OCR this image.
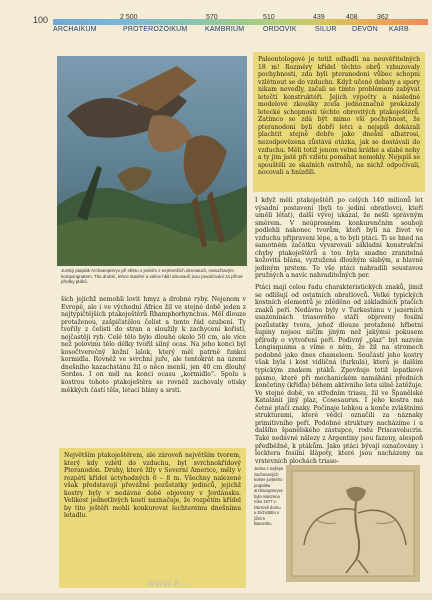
100	2 500	570	510	439	408	362
ARCHAIKUM	PROTEROZOIKUM	KAMBRIUM	ORDOVIK	SILUR DEVON KARB
Jurský ptapták Archaeopteryx při střetu s jedním z nejmenších dinosaurů, masožravým kompsognatem. Tito drobní, lehce stavění a velice hbití dinosauři jsou považováni za přímé předky ptáků.

ších jejichž nemohli lovit hmyz a drobné ryby. Nejenom v Evropě, ale i ve východní Africe žil ve stejné době jeden z nejtypičtějších ptakoještěrů Rhamphorhynchus. Měl dlouze protaženou, zašpičatělou čelist a tento řád ozubení. Ty tvořily z čelisti do stran a sloužily k zachycení kořisti, nejčastěji ryb. Celé tělo bylo dlouhé okolo 50 cm, ale více než polovinu tělo délky tvořil silný ocas. Na jeho konci byl kosočtverečný kožní lalok, který měl patrně funkci kormidla. Rovněž ve svrchní juře, ale tentokrát na území dnešního kazachstánu žil o něco menší, jen 40 cm dlouhý Sordes. I on měl na konci ocasu „kormidlo“. Spolu s kostrou tohoto ptakoještěra se rovněž zachovaly otisky měkkých částí těla, létací blány a srsti.

Největším ptakoještěrem, ale zároveň největším tvorem, který kdy vzlétl do vzduchu, byl svrchnokřídový Pteranodon. Druhy, které žily v Severní Americe, měly v rozpětí křídel úctyhodných 6 – 8 m. Všechny nalezené však představují převážně pozůstatky jedinců, jejichž kostry byly v nedávné době objeveny v Jordánsku. Velikost jednotlivých kostí naznačuje, že rozpětím křídel by tito ještěři mohli konkurovat lechterému dnešnímu letadlu.
Paleontologové je totiž odhadli na neuvěřitelných 18 m! Rozměry křídel těchto obrů vzbuzovaly pochybnosti, zda byli pteranodoni vůbec schopni vzlétnout se do vzduchu. Když učené debaty a spory nikam nevedly, začali se tímto problémem zabývat letečtí konstruktéři. Jejich výpočty a následné modelové zkoušky zcela jednoznačně prokázaly letecké schopnosti těchto obrovitých ptakoještěrů. Zatímco se zdá být mimo vši pochybnost, že pteranodoni byli dobří letci a nejspíš dokázali plachtit stejně dobře jako dnešní albatrosi, nezodpovězena zůstává otázka, jak se dostávali do vzduchu. Měli totiž jenom velmi krátké a slabé nohy a ty jim jistě při vzletu pomáhat nemohly. Nejspíš se spouštěli ze skalních ostrohů, na nichž odpočívali, nocovali a hnízdili.

I když měli ptakoještěři po celých 140 milionů let výsadní postavení (byli to jediní obratlovci, kteří uměli létat), další vývoj ukázal, že nešli správným směrem. V neúprosném konkurenčním souboji podlehli nakonec tvorům, kteří byli na život ve vzduchu připraveni lépe, a to byli ptáci. Ti se hned na samotném začátku vyvarovali základní konstrukční chyby ptakoještěrů a tou byla snadno zranitelná kožovitá blána, vyztužená dlouhým slabým, a hlavně jediným prstem. To vše ptáci nahradili soustavou pružných a navíc nahraditelných per.

Ptáci mají celou řadu charakteristických znaků, jimiž se odlišují od ostatních obratlovců. Velké typických kostních elementů je zděděno od základních ptačích znaků peří. Nedávno byly v Turkestánu v jezerních usazeninách triasového stáří objeveny fosilní pozůstatky tvora, jehož dlouze protažené hřbetní šupiny nejsou ničím jiným než jakýmsi pokusem přírody o vytvoření peří. Podivný „plaz“ byl nazván Longisquama a víme o něm, že žil na stromech podobně jako dnes chameleon. Součástí jeho kostry však byla i kost vidličná (furkula), která je dalším typickým znakem ptáků. Zpevňuje totiž lopatkové pásmo, které při mechanickém namáhání předních končetiny (křídla) během aktivního letu silně zatěžuje. Ve stejné době, ve středním triasu, žil ve Španělské Katalánii jiný plaz, Cosesaurus. I jeho kostra má četné ptačí znaky. Počínaje lebkou a konče zvláštními strukturami, které vědci označili za náznaky primitivního peří. Podobné struktury nacházíme i u dalšího španělského zástupce, rodu Priscavolucris. Také nedávné nálezy z Argentiny jsou fazeny, alespoň předběžně, k ptákům. Jako ptáci bývají označovány i lecktera fosilní šlápoty, které jsou nacházeny na vrstevních plochách triaso-

Jedna z nejlépe zachovaných koster jurského praptáka archaeopteryxe byla nalezena roku 1877 v Dürrově domu u Eichstättu v jižním Bavorsku.
www.k...
